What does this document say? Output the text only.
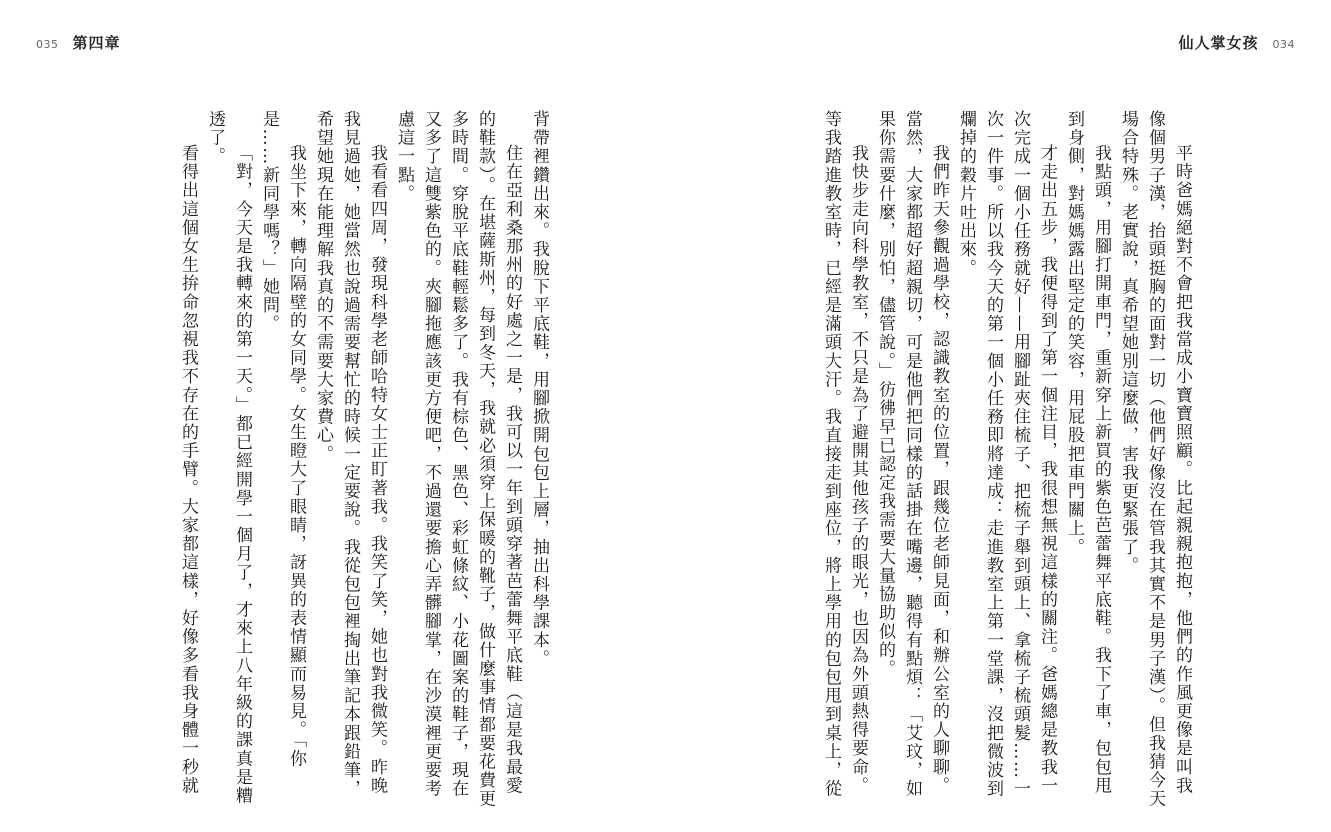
035 第四章	仙人掌女孩 034

平時爸媽絕對不會把我當成小寶寶照顧。比起親親抱抱，他們的作風更像是叫我像個男子漢，抬頭挺胸的面對一切（他們好像沒在管我其實不是男子漢）。但我猜今天場合特殊。老實說，真希望她別這麼做，害我更緊張了。

我點頭，用腳打開車門，重新穿上新買的紫色芭蕾舞平底鞋。我下了車，包包甩到身側，對媽媽露出堅定的笑容，用屁股把車門關上。

才走出五步，我便得到了第一個注目，我很想無視這樣的關注。爸媽總是教我一次完成一個小任務就好——用腳趾夾住梳子、把梳子舉到頭上、拿梳子梳頭髮……一次一件事。所以我今天的第一個小任務即將達成：走進教室上第一堂課，沒把微波到爛掉的穀片吐出來。

我們昨天參觀過學校，認識教室的位置，跟幾位老師見面，和辦公室的人聊聊。當然，大家都超好超親切，可是他們把同樣的話掛在嘴邊，聽得有點煩：「艾玟，如果你需要什麼，別怕，儘管說。」彷彿早已認定我需要大量協助似的。

我快步走向科學教室，不只是為了避開其他孩子的眼光，也因為外頭熱得要命。等我踏進教室時，已經是滿頭大汗。我直接走到座位，將上學用的包包甩到桌上，從

背帶裡鑽出來。我脫下平底鞋，用腳掀開包包上層，抽出科學課本。

住在亞利桑那州的好處之一是，我可以一年到頭穿著芭蕾舞平底鞋（這是我最愛的鞋款）。在堪薩斯州，每到冬天，我就必須穿上保暖的靴子，做什麼事情都要花費更多時間。穿脫平底鞋輕鬆多了。我有棕色、黑色、彩虹條紋、小花圖案的鞋子，現在又多了這雙紫色的。夾腳拖應該更方便吧，不過還要擔心弄髒腳掌，在沙漠裡更要考慮這一點。

我看看四周，發現科學老師哈特女士正盯著我。我笑了笑，她也對我微笑。昨晚我見過她，她當然也說過需要幫忙的時候一定要說。我從包包裡掏出筆記本跟鉛筆，希望她現在能理解我真的不需要大家費心。

我坐下來，轉向隔壁的女同學。女生瞪大了眼睛，訝異的表情顯而易見。「你是……新同學嗎？」她問。

「對，今天是我轉來的第一天。」都已經開學一個月了，才來上八年級的課真是糟透了。

看得出這個女生拚命忽視我不存在的手臂。大家都這樣，好像多看我身體一秒就
